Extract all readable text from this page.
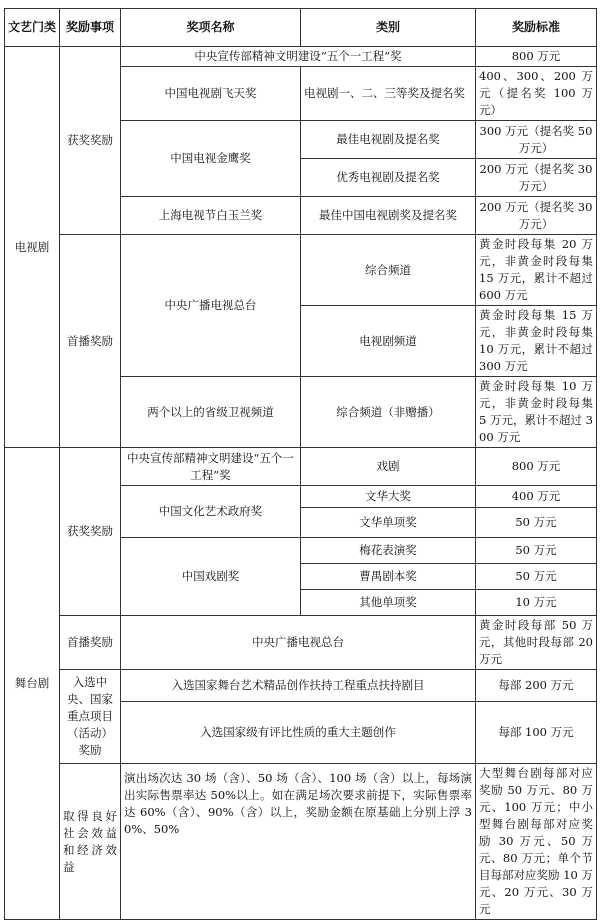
文艺门类	奖励事项	奖项名称	类别	奖励标准
电视剧	获奖奖励	中央宣传部精神文明建设“五个一工程”奖		800 万元
		中国电视剧飞天奖	电视剧一、二、三等奖及提名奖	400、300、200 万元（提名奖 100 万元）
		中国电视金鹰奖	最佳电视剧及提名奖	300 万元（提名奖 50 万元）
			优秀电视剧及提名奖	200 万元（提名奖 30 万元）
		上海电视节白玉兰奖	最佳中国电视剧奖及提名奖	200 万元（提名奖 30 万元）

	首播奖励	中央广播电视总台	综合频道	黄金时段每集 20 万元，非黄金时段每集 15 万元，累计不超过 600 万元
			电视剧频道	黄金时段每集 15 万元，非黄金时段每集 10 万元，累计不超过 300 万元
		两个以上的省级卫视频道	综合频道（非赠播）	黄金时段每集 10 万元，非黄金时段每集 5 万元，累计不超过 300 万元

舞台剧	获奖奖励	中央宣传部精神文明建设“五个一工程”奖	戏剧	800 万元
		中国文化艺术政府奖	文华大奖	400 万元
			文华单项奖	50 万元
		中国戏剧奖	梅花表演奖	50 万元
			曹禺剧本奖	50 万元
			其他单项奖	10 万元
	首播奖励	中央广播电视总台		黄金时段每部 50 万元，其他时段每部 20 万元
	入选中央、国家重点项目（活动）奖励	入选国家舞台艺术精品创作扶持工程重点扶持剧目		每部 200 万元
		入选国家级有评比性质的重大主题创作		每部 100 万元
	取得良好社会效益和经济效益	演出场次达 30 场（含）、50 场（含）、100 场（含）以上，每场演出实际售票率达 50%以上。如在满足场次要求前提下，实际售票率达 60%（含）、90%（含）以上，奖励金额在原基础上分别上浮 30%、50%		大型舞台剧每部对应奖励 50 万元、80 万元、100 万元；中小型舞台剧每部对应奖励 30 万元、50 万元、80 万元；单个节目每部对应奖励 10 万元、20 万元、30 万元
